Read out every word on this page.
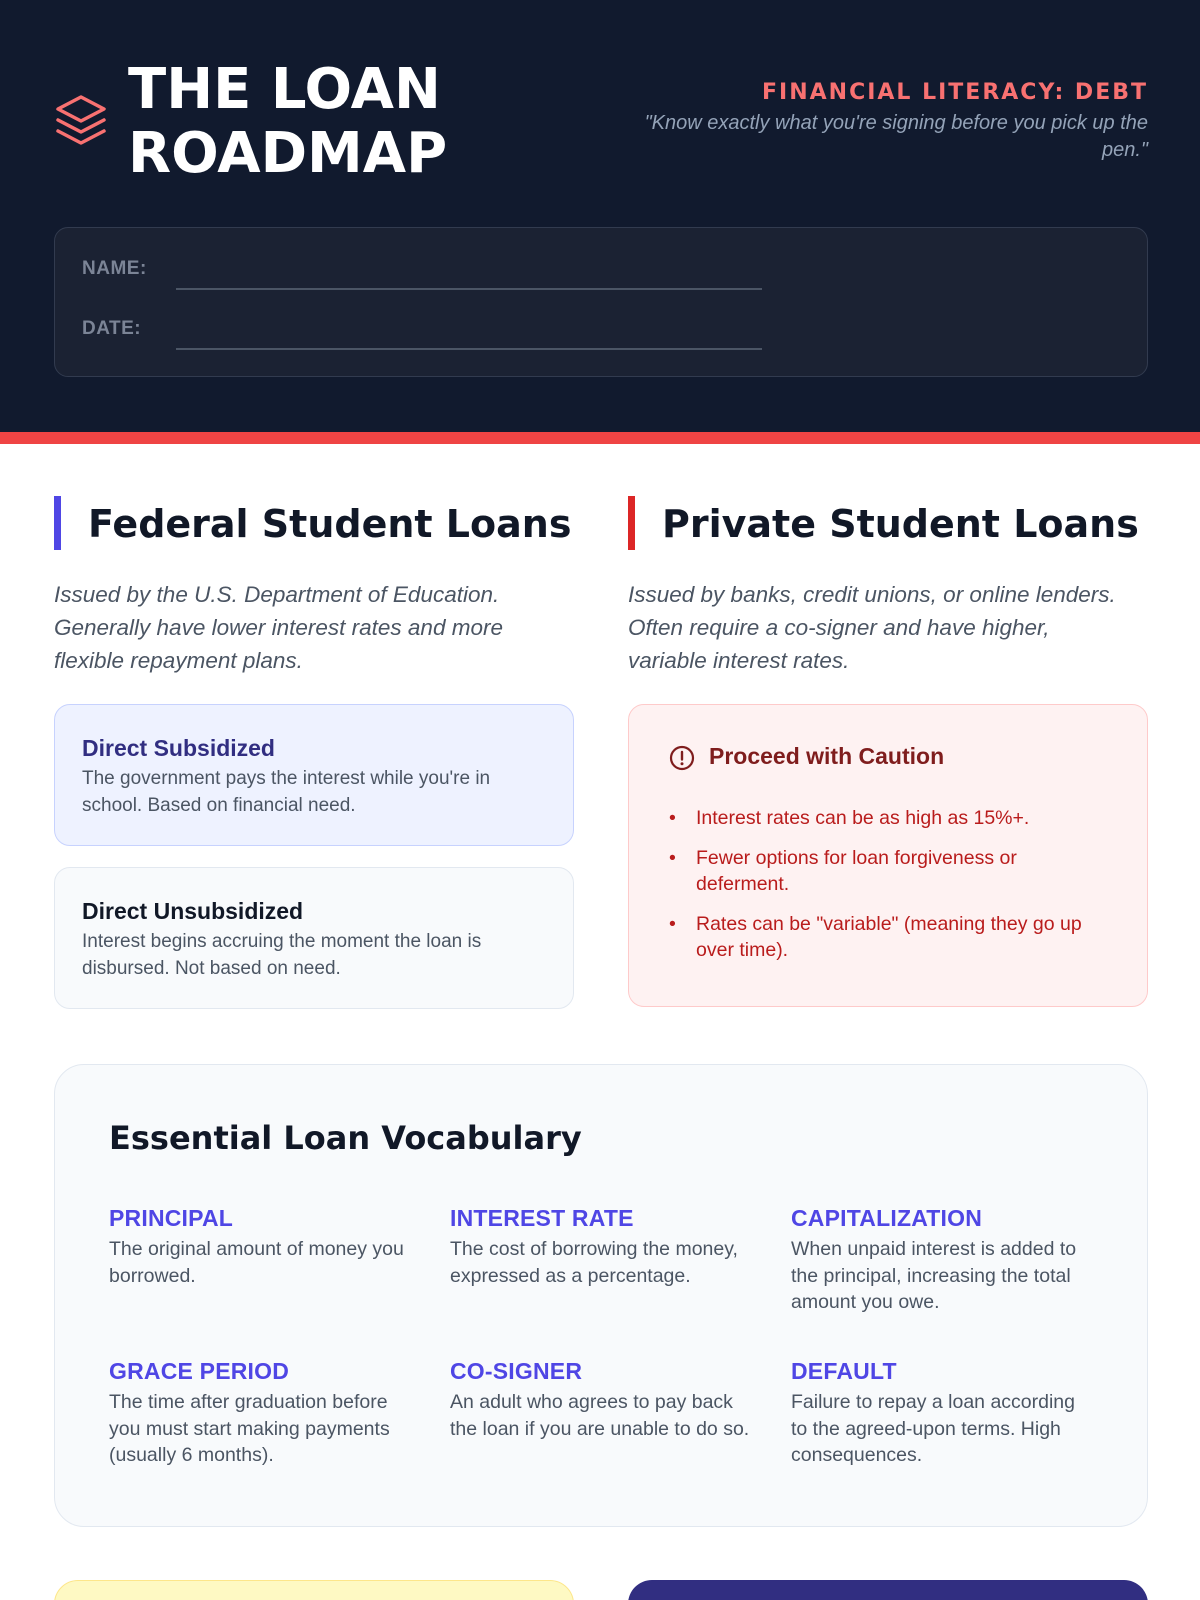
THE LOAN ROADMAP
FINANCIAL LITERACY: DEBT
"Know exactly what you're signing before you pick up the pen."
NAME:
DATE:
Federal Student Loans
Issued by the U.S. Department of Education. Generally have lower interest rates and more flexible repayment plans.
Direct Subsidized
The government pays the interest while you're in school. Based on financial need.
Direct Unsubsidized
Interest begins accruing the moment the loan is disbursed. Not based on need.
Private Student Loans
Issued by banks, credit unions, or online lenders. Often require a co-signer and have higher, variable interest rates.
Proceed with Caution
• Interest rates can be as high as 15%+.
• Fewer options for loan forgiveness or deferment.
• Rates can be "variable" (meaning they go up over time).
Essential Loan Vocabulary
PRINCIPAL
The original amount of money you borrowed.
INTEREST RATE
The cost of borrowing the money, expressed as a percentage.
CAPITALIZATION
When unpaid interest is added to the principal, increasing the total amount you owe.
GRACE PERIOD
The time after graduation before you must start making payments (usually 6 months).
CO-SIGNER
An adult who agrees to pay back the loan if you are unable to do so.
DEFAULT
Failure to repay a loan according to the agreed-upon terms. High consequences.
